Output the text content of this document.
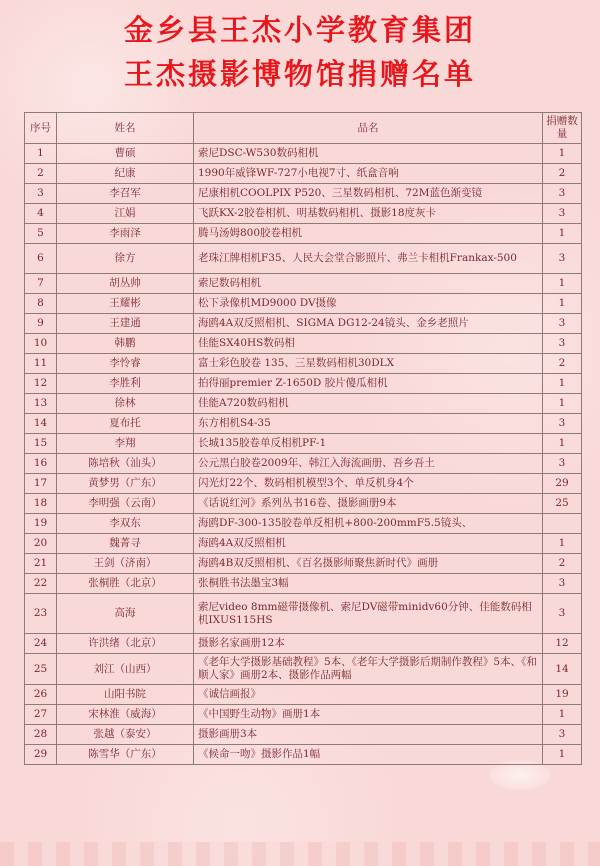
金乡县王杰小学教育集团
王杰摄影博物馆捐赠名单
序号	姓名	品名	捐赠数量
1	曹硕	索尼DSC-W530数码相机	1
2	纪康	1990年威锋WF-727小电视7寸、纸盒音响	2
3	李召军	尼康相机COOLPIX P520、三星数码相机、72M蓝色渐变镜	3
4	江娟	飞跃KX-2胶卷相机、明基数码相机、摄影18度灰卡	3
5	李雨泽	腾马汤姆800胶卷相机	1
6	徐方	老珠江牌相机F35、人民大会堂合影照片、弗兰卡相机Frankax-500	3
7	胡丛帅	索尼数码相机	1
8	王耀彬	松下录像机MD9000 DV摄像	1
9	王建通	海鸥4A双反照相机、SIGMA DG12-24镜头、金乡老照片	3
10	韩鹏	佳能SX40HS数码相	3
11	李怜睿	富士彩色胶卷 135、三星数码相机30DLX	2
12	李胜利	拍得丽premier Z-1650D 胶片傻瓜相机	1
13	徐林	佳能A720数码相机	1
14	夏布托	东方相机S4-35	3
15	李翔	长城135胶卷单反相机PF-1	1
16	陈培秋（汕头）	公元黑白胶卷2009年、韩江入海流画册、吾乡吾土	3
17	黄梦男（广东）	闪光灯22个、数码相机模型3个、单反机身4个	29
18	李明强（云南）	《话说红河》系列丛书16卷、摄影画册9本	25
19	李双东	海鸥DF-300-135胶卷单反相机+800-200mmF5.5镜头、	
20	魏菁寻	海鸥4A双反照相机	1
21	王剑（济南）	海鸥4B双反照相机、《百名摄影师聚焦新时代》画册	2
22	张桐胜（北京）	张桐胜书法墨宝3幅	3
23	高海	索尼video 8mm磁带摄像机、索尼DV磁带minidv60分钟、佳能数码相机IXUS115HS	3
24	许洪绪（北京）	摄影名家画册12本	12
25	刘江（山西）	《老年大学摄影基础教程》5本、《老年大学摄影后期制作教程》5本、《和顺人家》画册2本、摄影作品两幅	14
26	山阳书院	《诚信画报》	19
27	宋林淮（威海）	《中国野生动物》画册1本	1
28	张越（泰安）	摄影画册3本	3
29	陈雪华（广东）	《候命一吻》摄影作品1幅	1
